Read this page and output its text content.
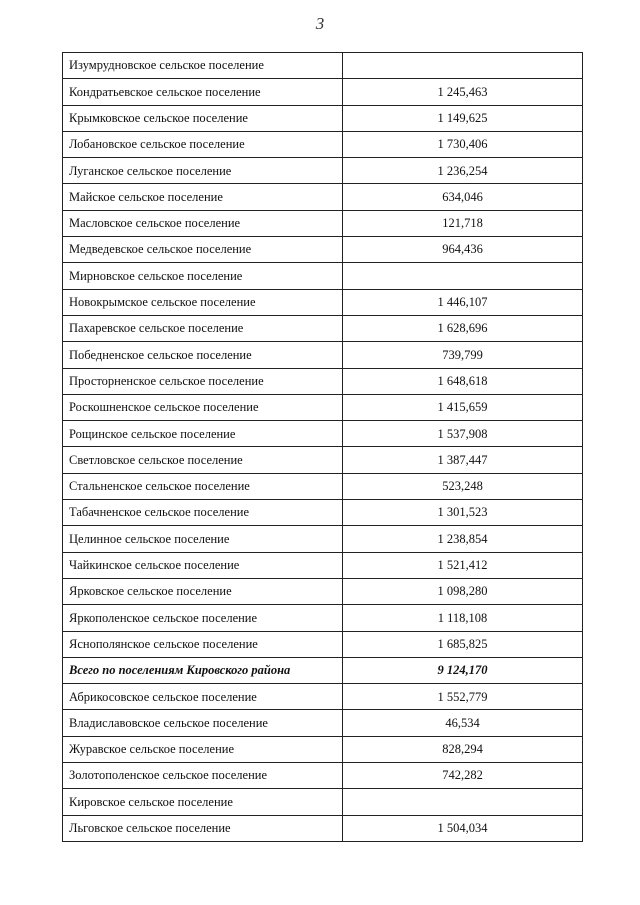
3
Изумрудновское сельское поселение	
Кондратьевское сельское поселение	1 245,463
Крымковское сельское поселение	1 149,625
Лобановское сельское поселение	1 730,406
Луганское сельское поселение	1 236,254
Майское сельское поселение	634,046
Масловское сельское поселение	121,718
Медведевское сельское поселение	964,436
Мирновское сельское поселение	
Новокрымское сельское поселение	1 446,107
Пахаревское сельское поселение	1 628,696
Победненское сельское поселение	739,799
Просторненское сельское поселение	1 648,618
Роскошненское сельское поселение	1 415,659
Рощинское сельское поселение	1 537,908
Светловское сельское поселение	1 387,447
Стальненское сельское поселение	523,248
Табачненское сельское поселение	1 301,523
Целинное сельское поселение	1 238,854
Чайкинское сельское поселение	1 521,412
Ярковское сельское поселение	1 098,280
Яркополенское сельское поселение	1 118,108
Яснополянское сельское поселение	1 685,825
Всего по поселениям Кировского района	9 124,170
Абрикосовское сельское поселение	1 552,779
Владиславовское сельское поселение	46,534
Журавское сельское поселение	828,294
Золотополенское сельское поселение	742,282
Кировское сельское поселение	
Льговское сельское поселение	1 504,034
